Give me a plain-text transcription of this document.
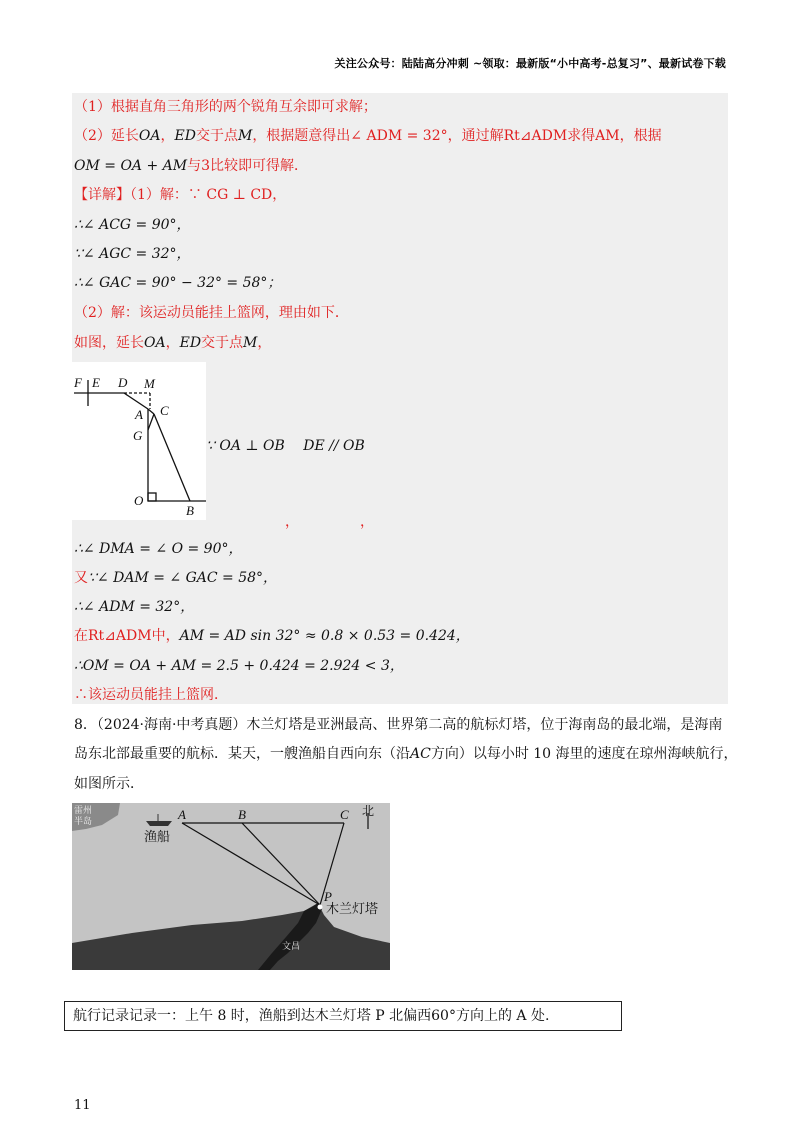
关注公众号：陆陆高分冲刺 ~领取：最新版“小中高考-总复习”、最新试卷下载
（1）根据直角三角形的两个锐角互余即可求解；
（2）延长OA，ED交于点M，根据题意得出∠ ADM = 32°，通过解Rt⊿ADM求得AM，根据
OM = OA + AM与3比较即可得解．
【详解】（1）解：∵ CG ⊥ CD，
∴∠ ACG = 90°，
∵∠ AGC = 32°，
∴∠ GAC = 90° − 32° = 58°；
（2）解：该运动员能挂上篮网，理由如下．
如图，延长OA，ED交于点M，
F E D M
A C
G
O
B
∵ OA ⊥ OB　 DE // OB
，	，
∴∠ DMA = ∠ O = 90°，
又∵∠ DAM = ∠ GAC = 58°，
∴∠ ADM = 32°，
在Rt⊿ADM中，AM = AD sin 32° ≈ 0.8 × 0.53 = 0.424，
∴OM = OA + AM = 2.5 + 0.424 = 2.924 < 3，
∴该运动员能挂上篮网．
8．（2024·海南·中考真题）木兰灯塔是亚洲最高、世界第二高的航标灯塔，位于海南岛的最北端，是海南
岛东北部最重要的航标．某天，一艘渔船自西向东（沿AC方向）以每小时 10 海里的速度在琼州海峡航行，
如图所示．
A	B	C
P
北
渔船
木兰灯塔
雷州
半岛
文昌
航行记录记录一：上午 8 时，渔船到达木兰灯塔 P 北偏西60°方向上的 A 处.
11
